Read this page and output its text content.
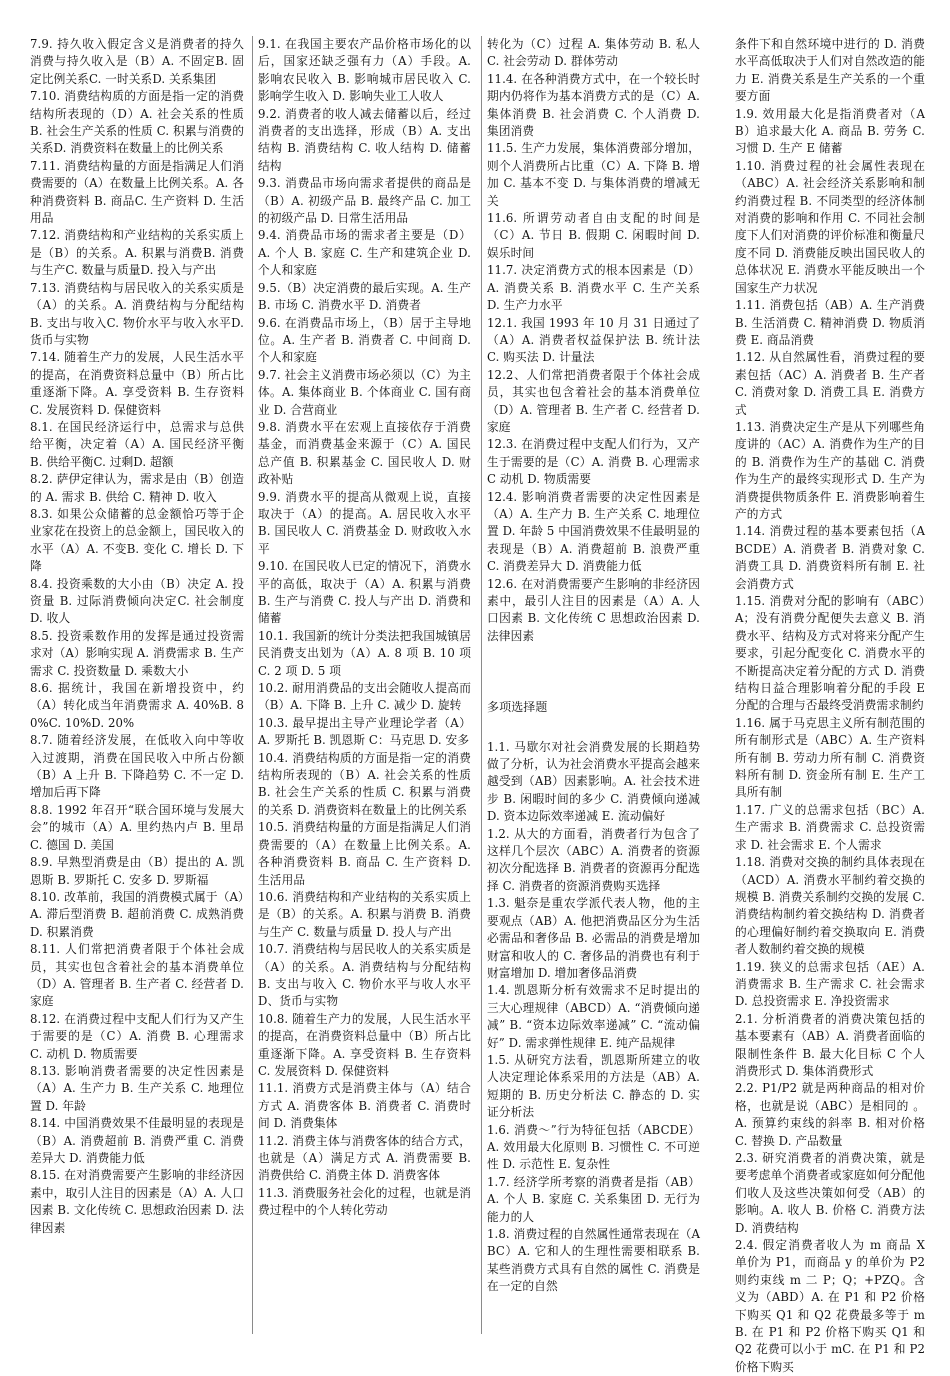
7.9. 持久收入假定含义是消费者的持久消费与持久收入是（B）A. 不固定B. 固定比例关系C. 一时关系D. 关系集团

7.10. 消费结构质的方面是指一定的消费结构所表现的（D）A. 社会关系的性质 B. 社会生产关系的性质 C. 积累与消费的关系D. 消费资料在数量上的比例关系

7.11. 消费结构量的方面是指满足人们消费需要的（A）在数量上比例关系。A. 各种消费资料 B. 商品C. 生产资料 D. 生活用品

7.12. 消费结构和产业结构的关系实质上是（B）的关系。A. 积累与消费B. 消费与生产C. 数量与质量D. 投入与产出

7.13. 消费结构与居民收入的关系实质是（A）的关系。A. 消费结构与分配结构 B. 支出与收入C. 物价水平与收入水平D. 货币与实物

7.14. 随着生产力的发展，人民生活水平的提高，在消费资料总量中（B）所占比重逐渐下降。A. 享受资料 B. 生存资料 C. 发展资料 D. 保健资料

8.1. 在国民经济运行中，总需求与总供给平衡，决定着（A）A. 国民经济平衡 B. 供给平衡C. 过剩D. 超额

8.2. 萨伊定律认为，需求是由（B）创造的 A. 需求 B. 供给 C. 精神 D. 收入

8.3. 如果公众储蓄的总金额恰巧等于企业家花在投资上的总金额上，国民收入的水平（A）A. 不变B. 变化 C. 增长 D. 下降

8.4. 投资乘数的大小由（B）决定 A. 投资量 B. 过际消费倾向决定C. 社会制度 D. 收人

8.5. 投资乘数作用的发挥是通过投资需求对（A）影响实现 A. 消费需求 B. 生产需求 C. 投资数量 D. 乘数大小

8.6. 据统计，我国在新增投资中，约（A）转化成当年消费需求 A. 40%B. 80%C. 10%D. 20%

8.7. 随着经济发展，在低收入向中等收入过渡期，消费在国民收入中所占份额（B）A 上升 B. 下降趋势 C. 不一定 D. 增加后再下降

8.8. 1992 年召开“联合国环境与发展大会”的城市（A）A. 里约热内卢 B. 里昂 C. 德国 D. 美国

8.9. 早熟型消费是由（B）提出的 A. 凯恩斯 B. 罗斯托 C. 安多 D. 罗斯福

8.10. 改革前，我国的消费模式属于（A）A. 滞后型消费 B. 超前消费 C. 成熟消费 D. 积累消费

8.11. 人们常把消费者限于个体社会成员，其实也包含着社会的基本消费单位（D）A. 管理者 B. 生产者 C. 经营者 D. 家庭

8.12. 在消费过程中支配人们行为又产生于需要的是（C）A. 消费 B. 心理需求 C. 动机 D. 物质需要

8.13. 影响消费者需要的决定性因素是（A）A. 生产力 B. 生产关系 C. 地理位置 D. 年龄

8.14. 中国消费效果不佳最明显的表现是（B）A. 消费超前 B. 消费严重 C. 消费差异大 D. 消费能力低

8.15. 在对消费需要产生影响的非经济因素中，取引人注目的因素是（A）A. 人口因素 B. 文化传统 C. 思想政治因素 D. 法律因素

9.1. 在我国主要农产品价格市场化的以后，国家还缺乏强有力（A）手段。A. 影响农民收入 B. 影响城市居民收入 C. 影响学生收入 D. 影响失业工人收人

9.2. 消费者的收人减去储蓄以后，经过消费者的支出选择，形成（B）A. 支出结构 B. 消费结构 C. 收人结构 D. 储蓄结构

9.3. 消费品市场向需求者提供的商品是（B）A. 初级产品 B. 最终产品 C. 加工的初级产品 D. 日常生活用品

9.4. 消费品市场的需求者主要是（D）A. 个人 B. 家庭 C. 生产和建筑企业 D. 个人和家庭

9.5.（B）决定消费的最后实现。A. 生产 B. 市场 C. 消费水平 D. 消费者

9.6. 在消费品市场上，（B）居于主导地位。A. 生产者 B. 消费者 C. 中间商 D. 个人和家庭

9.7. 社会主义消费市场必须以（C）为主体。A. 集体商业 B. 个体商业 C. 国有商业 D. 合营商业

9.8. 消费水平在宏观上直接依存于消费基金，而消费基金来源于（C）A. 国民总产值 B. 积累基金 C. 国民收人 D. 财政补贴

9.9. 消费水平的提高从微观上说，直接取决于（A）的提高。A. 居民收入水平 B. 国民收人 C. 消费基金 D. 财政收入水平

9.10. 在国民收人已定的情况下，消费水平的高低，取决于（A）A. 积累与消费 B. 生产与消费 C. 投人与产出 D. 消费和储蓄

10.1. 我国新的统计分类法把我国城镇居民消费支出划为（A）A. 8 项 B. 10 项 C. 2 项 D. 5 项

10.2. 耐用消费品的支出会随收人提高而（B）A. 下降 B. 上升 C. 减少 D. 旋转

10.3. 最早提出主导产业理论学者（A）A. 罗斯托 B. 凯恩斯 C：马克思 D. 安多

10.4. 消费结构质的方面是指一定的消费结构所表现的（B）A. 社会关系的性质 B. 社会生产关系的性质 C. 积累与消费的关系 D. 消费资料在数量上的比例关系

10.5. 消费结构量的方面是指满足人们消费需要的（A）在数量上比例关系。A. 各种消费资料 B. 商品 C. 生产资料 D. 生活用品

10.6. 消费结构和产业结构的关系实质上是（B）的关系。A. 积累与消费 B. 消费与生产 C. 数量与质量 D. 投人与产出

10.7. 消费结构与居民收人的关系实质是（A）的关系。A. 消费结构与分配结构 B. 支出与收入 C. 物价水平与收人水平 D、货币与实物

10.8. 随着生产力的发展，人民生活水平的提高，在消费资料总量中（B）所占比重逐渐下降。A. 享受资料 B. 生存资料 C. 发展资料 D. 保健资料

11.1. 消费方式是消费主体与（A）结合方式 A. 消费客体 B. 消费者 C. 消费时间 D. 消费集体

11.2. 消费主体与消费客体的结合方式，也就是（A）满足方式 A. 消费需要 B. 消费供给 C. 消费主体 D. 消费客体

11.3. 消费服务社会化的过程，也就是消费过程中的个人转化劳动

转化为（C）过程 A. 集体劳动 B. 私人 C. 社会劳动 D. 群体劳动

11.4. 在各种消费方式中，在一个较长时期内仍将作为基本消费方式的是（C）A. 集体消费 B. 社会消费 C. 个人消费 D. 集团消费

11.5. 生产力发展，集体消费部分增加，则个人消费所占比重（C）A. 下降 B. 增加 C. 基本不变 D. 与集体消费的增减无关

11.6. 所谓劳动者自由支配的时间是（C）A. 节日 B. 假期 C. 闲暇时间 D. 娱乐时间

11.7. 决定消费方式的根本因素是（D）A. 消费关系 B. 消费水平 C. 生产关系 D. 生产力水平

12.1. 我国 1993 年 10 月 31 日通过了（A）A. 消费者权益保护法 B. 统计法 C. 购买法 D. 计量法

12.2、人们常把消费者限于个体社会成员，其实也包含着社会的基本消费单位（D）A. 管理者 B. 生产者 C. 经营者 D. 家庭

12.3. 在消费过程中支配人们行为，又产生于需要的是（C）A. 消费 B. 心理需求 C 动机 D. 物质需要

12.4. 影响消费者需要的决定性因素是（A）A. 生产力 B. 生产关系 C. 地理位置 D. 年龄 5 中国消费效果不佳最明显的表现是（B）A. 消费超前 B. 浪费严重 C. 消费差异大 D. 消费能力低

12.6. 在对消费需要产生影响的非经济因素中，最引人注目的因素是（A）A. 人口因素 B. 文化传统 C 思想政治因素 D. 法律因素

多项选择题

1.1. 马歇尔对社会消费发展的长期趋势做了分析，认为社会消费水平提高会越来越受到（AB）因素影响。A. 社会技术进步 B. 闲暇时间的多少 C. 消费倾向递减 D. 资本边际效率递减 E. 流动偏好

1.2. 从大的方面看，消费者行为包含了这样几个层次（ABC）A. 消费者的资源初次分配选择 B. 消费者的资源再分配选择 C. 消费者的资源消费购买选择

1.3. 魁奈是重农学派代表人物，他的主要观点（AB）A. 他把消费品区分为生活必需品和奢侈品 B. 必需品的消费是增加财富和收人的 C. 奢侈品的消费也有利于财富增加 D. 增加奢侈品消费

1.4. 凯恩斯分析有效需求不足时提出的三大心理规律（ABCD）A. “消费倾向递减” B. “资本边际效率递减” C. “流动偏好” D. 需求弹性规律 E. 纯产品规律

1.5. 从研究方法看，凯恩斯所建立的收人决定理论体系采用的方法是（AB）A. 短期的 B. 历史分析法 C. 静态的 D. 实证分析法

1.6. 消费～”行为特征包括（ABCDE）A. 效用最大化原则 B. 习惯性 C. 不可逆性 D. 示范性 E. 复杂性

1.7. 经济学所考察的消费者是指（AB）A. 个人 B. 家庭 C. 关系集团 D. 无行为能力的人

1.8. 消费过程的自然属性通常表现在（ABC）A. 它和人的生理性需要相联系 B. 某些消费方式具有自然的属性 C. 消费是在一定的自然

条件下和自然环境中进行的 D. 消费水平高低取决于人们对自然改造的能力 E. 消费关系是生产关系的一个重要方面

1.9. 效用最大化是指消费者对（AB）追求最大化 A. 商品 B. 劳务 C. 习惯 D. 生产 E 储蓄

1.10. 消费过程的社会属性表现在（ABC）A. 社会经济关系影响和制约消费过程 B. 不同类型的经济体制对消费的影响和作用 C. 不同社会制度下人们对消费的评价标准和衡量尺度不同 D. 消费能反映出国民收人的总体状况 E. 消费水平能反映出一个国家生产力状况

1.11. 消费包括（AB）A. 生产消费 B. 生活消费 C. 精神消费 D. 物质消费 E. 商品消费

1.12. 从自然属性看，消费过程的要素包括（AC）A. 消费者 B. 生产者 C. 消费对象 D. 消费工具 E. 消费方式

1.13. 消费决定生产是从下列哪些角度讲的（AC）A. 消费作为生产的目的 B. 消费作为生产的基础 C. 消费作为生产的最终实现形式 D. 生产为消费提供物质条件 E. 消费影响着生产的方式

1.14. 消费过程的基本要素包括（ABCDE）A. 消费者 B. 消费对象 C. 消费工具 D. 消费资料所有制 E. 社会消费方式

1.15. 消费对分配的影响有（ABC）A；没有消费分配便失去意义 B. 消费水平、结构及方式对将来分配产生要求，引起分配变化 C. 消费水平的不断提高决定着分配的方式 D. 消费结构日益合理影响着分配的手段 E 分配的合理与否最终受消费需求制约

1.16. 属于马克思主义所有制范围的所有制形式是（ABC）A. 生产资料所有制 B. 劳动力所有制 C. 消费资料所有制 D. 资金所有制 E. 生产工具所有制

1.17. 广义的总需求包括（BC）A. 生产需求 B. 消费需求 C. 总投资需求 D. 社会需求 E. 个人需求

1.18. 消费对交换的制约具体表现在（ACD）A. 消费水平制约着交换的规模 B. 消费关系制约交换的发展 C. 消费结构制约着交换结构 D. 消费者的心理偏好制约着交换取向 E. 消费者人数制约着交换的规模

1.19. 狭义的总需求包括（AE）A. 消费需求 B. 生产需求 C. 社会需求 D. 总投资需求 E. 净投资需求

2.1. 分析消费者的消费决策包括的基本要素有（AB）A. 消费者面临的限制性条件 B. 最大化目标 C 个人消费形式 D. 集体消费形式

2.2. P1/P2 就是两种商品的相对价格，也就是说（ABC）是相同的 。A. 预算约束线的斜率 B. 相对价格 C. 替换 D. 产品数量

2.3. 研究消费者的消费决策，就是要考虑单个消费者或家庭如何分配他们收人及这些决策如何受（AB）的影响。A. 收人 B. 价格 C. 消费方法 D. 消费结构

2.4. 假定消费者收人为 m 商品 X 单价为 P1，而商品 y 的单价为 P2 则约束线 m 二 P；Q；+PZQ。含义为（ABD）A. 在 P1 和 P2 价格下购买 Q1 和 Q2 花费最多等于 mB. 在 P1 和 P2 价格下购买 Q1 和 Q2 花费可以小于 mC. 在 P1 和 P2 价格下购买
